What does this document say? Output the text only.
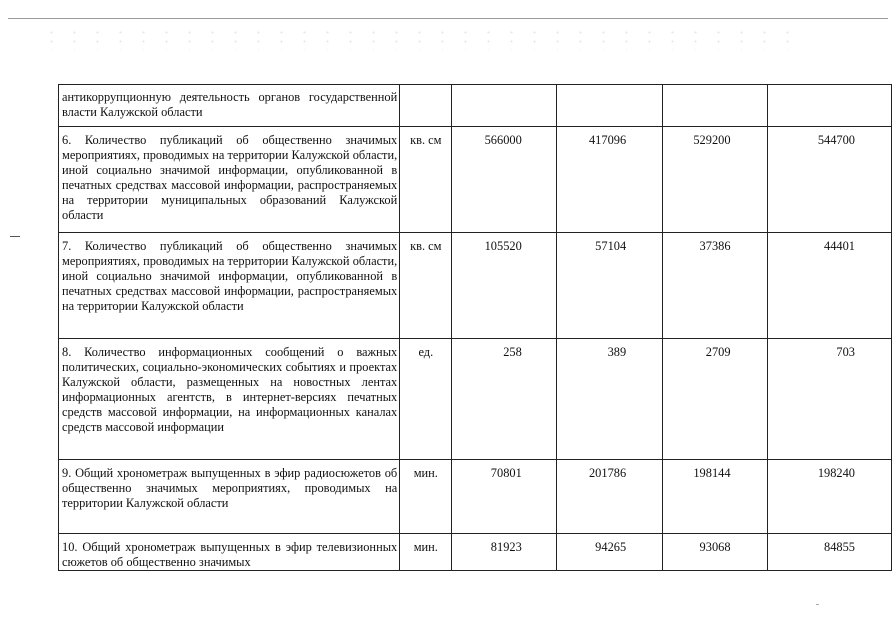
антикоррупционную деятельность органов государственной власти Калужской области					
6. Количество публикаций об общественно значимых мероприятиях, проводимых на территории Калужской области, иной социально значимой информации, опубликованной в печатных средствах массовой информации, распространяемых на территории муниципальных образований Калужской области	кв. см	566000	417096	529200	544700
7. Количество публикаций об общественно значимых мероприятиях, проводимых на территории Калужской области, иной социально значимой информации, опубликованной в печатных средствах массовой информации, распространяемых на территории Калужской области	кв. см	105520	57104	37386	44401
8. Количество информационных сообщений о важных политических, социально-экономических событиях и проектах Калужской области, размещенных на новостных лентах информационных агентств, в интернет-версиях печатных средств массовой информации, на информационных каналах средств массовой информации	ед.	258	389	2709	703
9. Общий хронометраж выпущенных в эфир радиосюжетов об общественно значимых мероприятиях, проводимых на территории Калужской области	мин.	70801	201786	198144	198240
10. Общий хронометраж выпущенных в эфир телевизионных сюжетов об общественно значимых	мин.	81923	94265	93068	84855
